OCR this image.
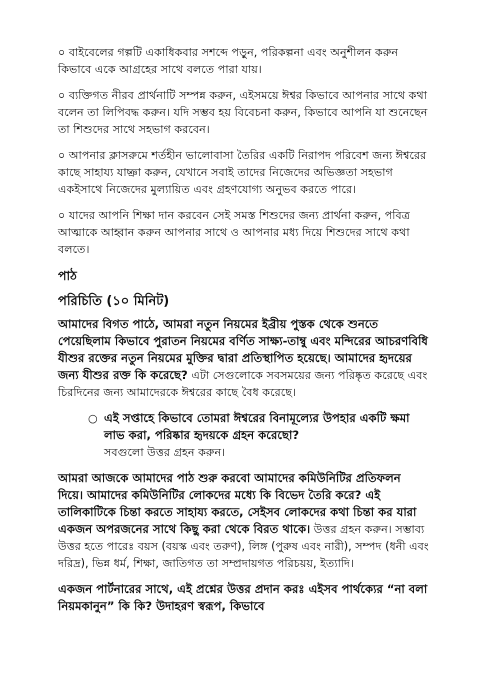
০ বাইবেলের গল্পটি একাধিকবার সশব্দে পড়ুন, পরিকল্পনা এবং অনুশীলন করুন কিভাবে একে আগ্রহের সাথে বলতে পারা যায়।

০ ব্যক্তিগত নীরব প্রার্থনাটি সম্পন্ন করুন, এইসময়ে ঈশ্বর কিভাবে আপনার সাথে কথা বলেন তা লিপিবদ্ধ করুন। যদি সম্ভব হয় বিবেচনা করুন, কিভাবে আপনি যা শুনেছেন তা শিশুদের সাথে সহভাগ করবেন।

০ আপনার ক্লাসরুমে শর্তহীন ভালোবাসা তৈরির একটি নিরাপদ পরিবেশ জন্য ঈশ্বরের কাছে সাহায্য যাচ্ঞা করুন, যেখানে সবাই তাদের নিজেদের অভিজ্ঞতা সহভাগ একইসাথে নিজেদের মুল্যায়িত এবং গ্রহণযোগ্য অনুভব করতে পারে।

০ যাদের আপনি শিক্ষা দান করবেন সেই সমস্ত শিশুদের জন্য প্রার্থনা করুন, পবিত্র আত্মাকে আহ্বান করুন আপনার সাথে ও আপনার মধ্য দিয়ে শিশুদের সাথে কথা বলতে।

পাঠ

পরিচিতি (১০ মিনিট)

আমাদের বিগত পাঠে, আমরা নতুন নিয়মের ইব্রীয় পুস্তক থেকে শুনতে পেয়েছিলাম কিভাবে পুরাতন নিয়মের বর্ণিত সাক্ষ্য-তাম্বু এবং মন্দিরের আচরণবিধি যীশুর রক্তের নতুন নিয়মের মুক্তির দ্বারা প্রতিস্থাপিত হয়েছে। আমাদের হৃদয়ের জন্য যীশুর রক্ত কি করেছে? এটা সেগুলোকে সবসময়ের জন্য পরিষ্কৃত করেছে এবং চিরদিনের জন্য আমাদেরকে ঈশ্বরের কাছে বৈধ করেছে।

○ এই সপ্তাহে কিভাবে তোমরা ঈশ্বরের বিনামূল্যের উপহার একটি ক্ষমা লাভ করা, পরিষ্কার হৃদয়কে গ্রহন করেছো?
সবগুলো উত্তর গ্রহন করুন।

আমরা আজকে আমাদের পাঠ শুরু করবো আমাদের কমিউনিটির প্রতিফলন দিয়ে। আমাদের কমিউনিটির লোকদের মধ্যে কি বিভেদ তৈরি করে? এই তালিকাটিকে চিন্তা করতে সাহায্য করতে, সেইসব লোকদের কথা চিন্তা কর যারা একজন অপরজনের সাথে কিছু করা থেকে বিরত থাকে। উত্তর গ্রহন করুন। সম্ভাব্য উত্তর হতে পারেঃ বয়স (বয়স্ক এবং তরুণ), লিঙ্গ (পুরুষ এবং নারী), সম্পদ (ধনী এবং দরিদ্র), ভিন্ন ধর্ম, শিক্ষা, জাতিগত তা সম্প্রদায়গত পরিচয়য়, ইত্যাদি।

একজন পার্টনারের সাথে, এই প্রশ্নের উত্তর প্রদান করঃ এইসব পার্থক্যের “না বলা নিয়মকানুন” কি কি? উদাহরণ স্বরূপ, কিভাবে
